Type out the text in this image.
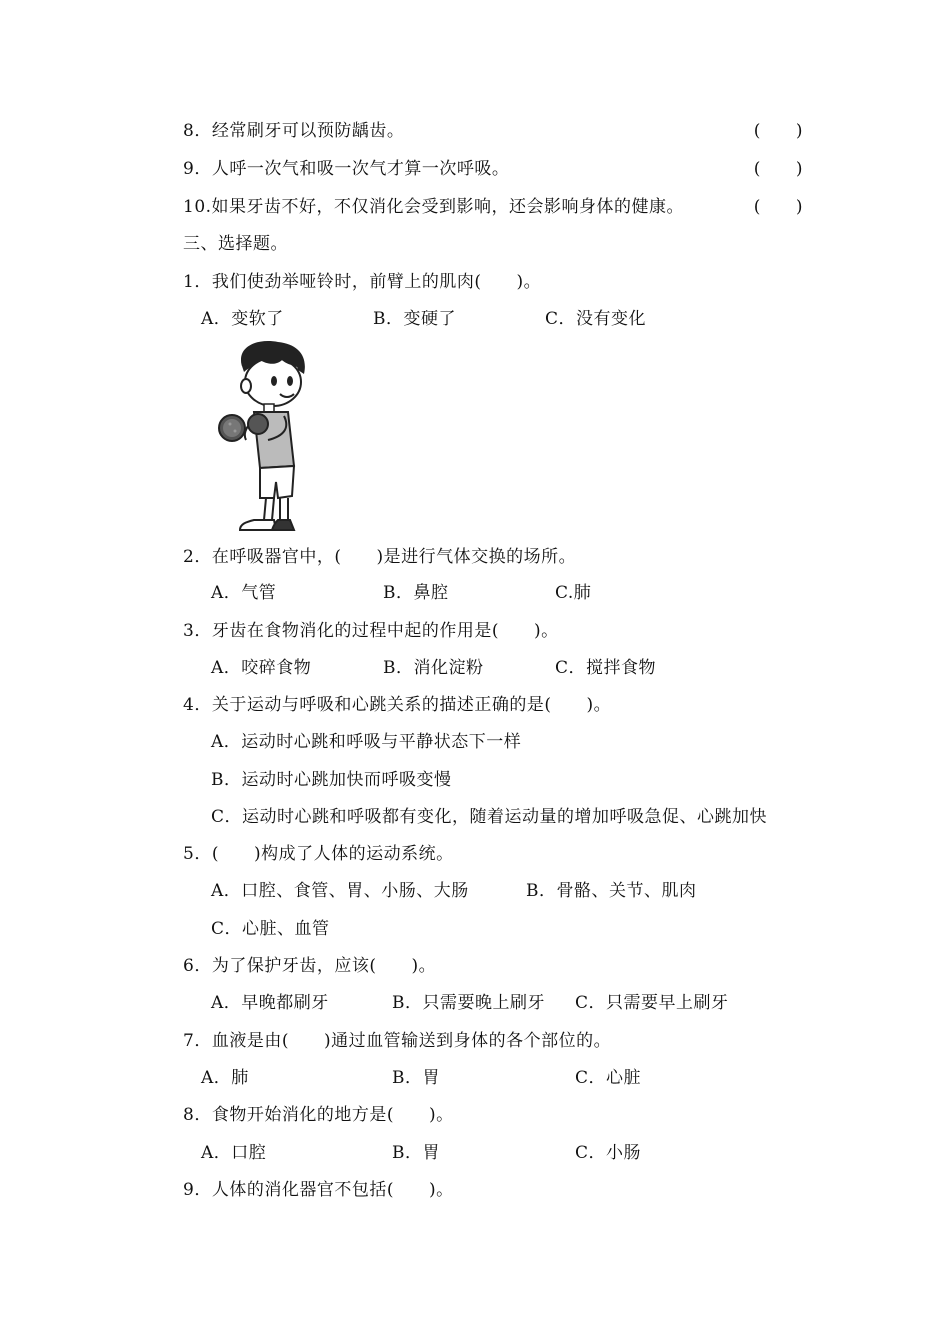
8．经常刷牙可以预防龋齿。	(　　)
9．人呼一次气和吸一次气才算一次呼吸。	(　　)
10.如果牙齿不好，不仅消化会受到影响，还会影响身体的健康。	(　　)
三、选择题。
1．我们使劲举哑铃时，前臂上的肌肉(　　)。
A．变软了	B．变硬了	C．没有变化
2．在呼吸器官中，(　　)是进行气体交换的场所。
A．气管	B．鼻腔	C.肺
3．牙齿在食物消化的过程中起的作用是(　　)。
A．咬碎食物	B．消化淀粉	C．搅拌食物
4．关于运动与呼吸和心跳关系的描述正确的是(　　)。
A．运动时心跳和呼吸与平静状态下一样
B．运动时心跳加快而呼吸变慢
C．运动时心跳和呼吸都有变化，随着运动量的增加呼吸急促、心跳加快
5．(　　)构成了人体的运动系统。
A．口腔、食管、胃、小肠、大肠	B．骨骼、关节、肌肉
C．心脏、血管
6．为了保护牙齿，应该(　　)。
A．早晚都刷牙	B．只需要晚上刷牙 C．只需要早上刷牙
7．血液是由(　　)通过血管输送到身体的各个部位的。
A．肺	B．胃	C．心脏
8．食物开始消化的地方是(　　)。
A．口腔	B．胃	C．小肠
9．人体的消化器官不包括(　　)。
